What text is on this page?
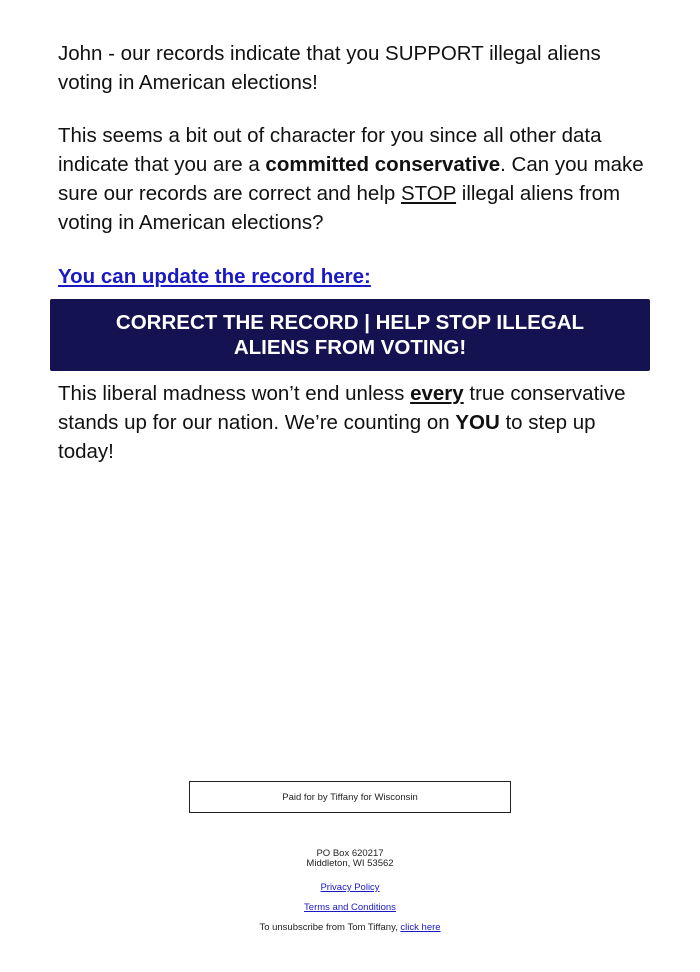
John - our records indicate that you SUPPORT illegal aliens voting in American elections!

This seems a bit out of character for you since all other data indicate that you are a committed conservative. Can you make sure our records are correct and help STOP illegal aliens from voting in American elections?

You can update the record here:
CORRECT THE RECORD | HELP STOP ILLEGAL ALIENS FROM VOTING!

This liberal madness won’t end unless every true conservative stands up for our nation. We’re counting on YOU to step up today!

Paid for by Tiffany for Wisconsin
PO Box 620217
Middleton, WI 53562
Privacy Policy
Terms and Conditions
To unsubscribe from Tom Tiffany, click here
